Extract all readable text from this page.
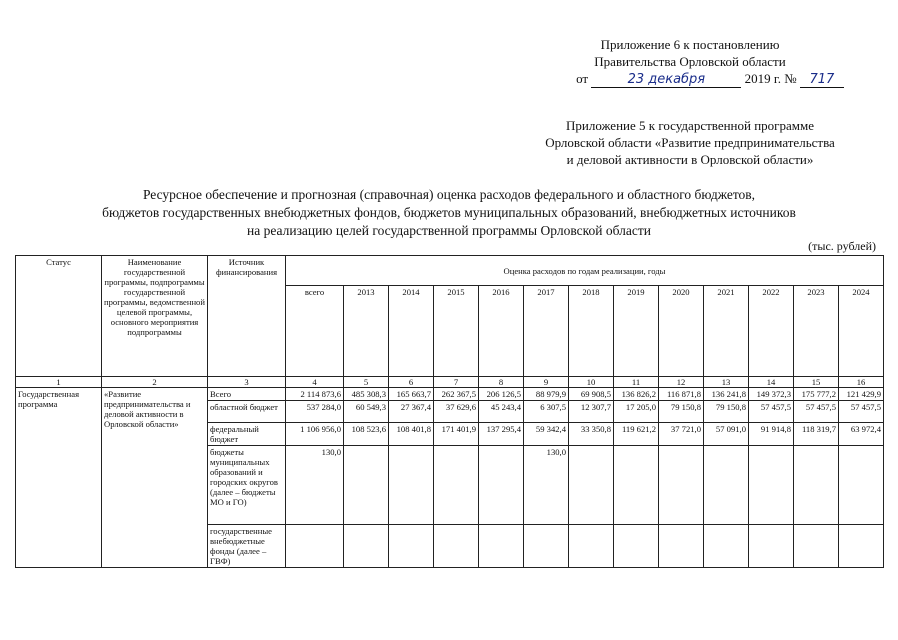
Приложение 6 к постановлению
Правительства Орловской области
от	23 декабря	2019 г. № 717
Приложение 5 к государственной программе
Орловской области «Развитие предпринимательства
и деловой активности в Орловской области»
Ресурсное обеспечение и прогнозная (справочная) оценка расходов федерального и областного бюджетов,
бюджетов государственных внебюджетных фондов, бюджетов муниципальных образований, внебюджетных источников
на реализацию целей государственной программы Орловской области
(тыс. рублей)
Статус	Наименование государственной программы, подпрограммы государственной программы, ведомственной целевой программы, основного мероприятия подпрограммы	Источник финансирования	Оценка расходов по годам реализации, годы												
			всего	2013	2014	2015	2016	2017	2018	2019	2020	2021	2022	2023	2024
1	2	3	4	5	6	7	8	9	10	11	12	13	14	15	16
Государственная программа	«Развитие предпринимательства и деловой активности в Орловской области»	Всего	2 114 873,6	485 308,3	165 663,7	262 367,5	206 126,5	88 979,9	69 908,5	136 826,2	116 871,8	136 241,8	149 372,3	175 777,2	121 429,9
		областной бюджет	537 284,0	60 549,3	27 367,4	37 629,6	45 243,4	6 307,5	12 307,7	17 205,0	79 150,8	79 150,8	57 457,5	57 457,5	57 457,5
		федеральный бюджет	1 106 956,0	108 523,6	108 401,8	171 401,9	137 295,4	59 342,4	33 350,8	119 621,2	37 721,0	57 091,0	91 914,8	118 319,7	63 972,4
		бюджеты муниципальных образований и городских округов (далее – бюджеты МО и ГО)	130,0					130,0							
		государственные внебюджетные фонды (далее – ГВФ)													
